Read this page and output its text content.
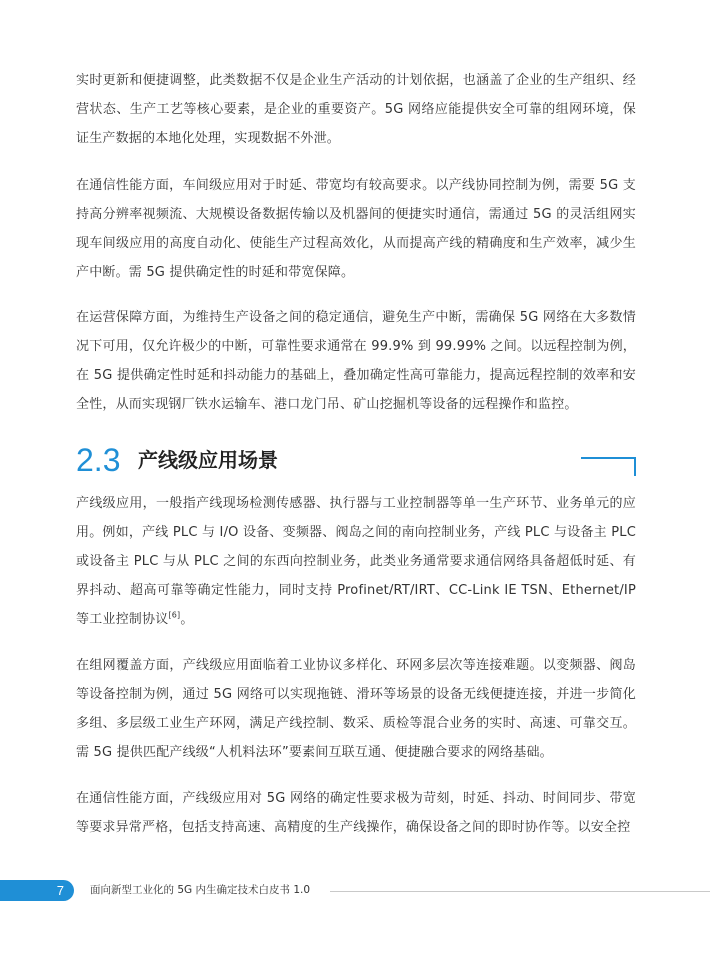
实时更新和便捷调整，此类数据不仅是企业生产活动的计划依据，也涵盖了企业的生产组织、经营状态、生产工艺等核心要素，是企业的重要资产。5G 网络应能提供安全可靠的组网环境，保证生产数据的本地化处理，实现数据不外泄。

在通信性能方面，车间级应用对于时延、带宽均有较高要求。以产线协同控制为例，需要 5G 支持高分辨率视频流、大规模设备数据传输以及机器间的便捷实时通信，需通过 5G 的灵活组网实现车间级应用的高度自动化、使能生产过程高效化，从而提高产线的精确度和生产效率，减少生产中断。需 5G 提供确定性的时延和带宽保障。

在运营保障方面，为维持生产设备之间的稳定通信，避免生产中断，需确保 5G 网络在大多数情况下可用，仅允许极少的中断，可靠性要求通常在 99.9% 到 99.99% 之间。以远程控制为例，在 5G 提供确定性时延和抖动能力的基础上，叠加确定性高可靠能力，提高远程控制的效率和安全性，从而实现钢厂铁水运输车、港口龙门吊、矿山挖掘机等设备的远程操作和监控。

2.3 产线级应用场景

产线级应用，一般指产线现场检测传感器、执行器与工业控制器等单一生产环节、业务单元的应用。例如，产线 PLC 与 I/O 设备、变频器、阀岛之间的南向控制业务，产线 PLC 与设备主 PLC 或设备主 PLC 与从 PLC 之间的东西向控制业务，此类业务通常要求通信网络具备超低时延、有界抖动、超高可靠等确定性能力，同时支持 Profinet/RT/IRT、CC-Link IE TSN、Ethernet/IP 等工业控制协议[6]。

在组网覆盖方面，产线级应用面临着工业协议多样化、环网多层次等连接难题。以变频器、阀岛等设备控制为例，通过 5G 网络可以实现拖链、滑环等场景的设备无线便捷连接，并进一步简化多组、多层级工业生产环网，满足产线控制、数采、质检等混合业务的实时、高速、可靠交互。需 5G 提供匹配产线级“人机料法环”要素间互联互通、便捷融合要求的网络基础。

在通信性能方面，产线级应用对 5G 网络的确定性要求极为苛刻，时延、抖动、时间同步、带宽等要求异常严格，包括支持高速、高精度的生产线操作，确保设备之间的即时协作等。以安全控

7 面向新型工业化的 5G 内生确定技术白皮书 1.0
